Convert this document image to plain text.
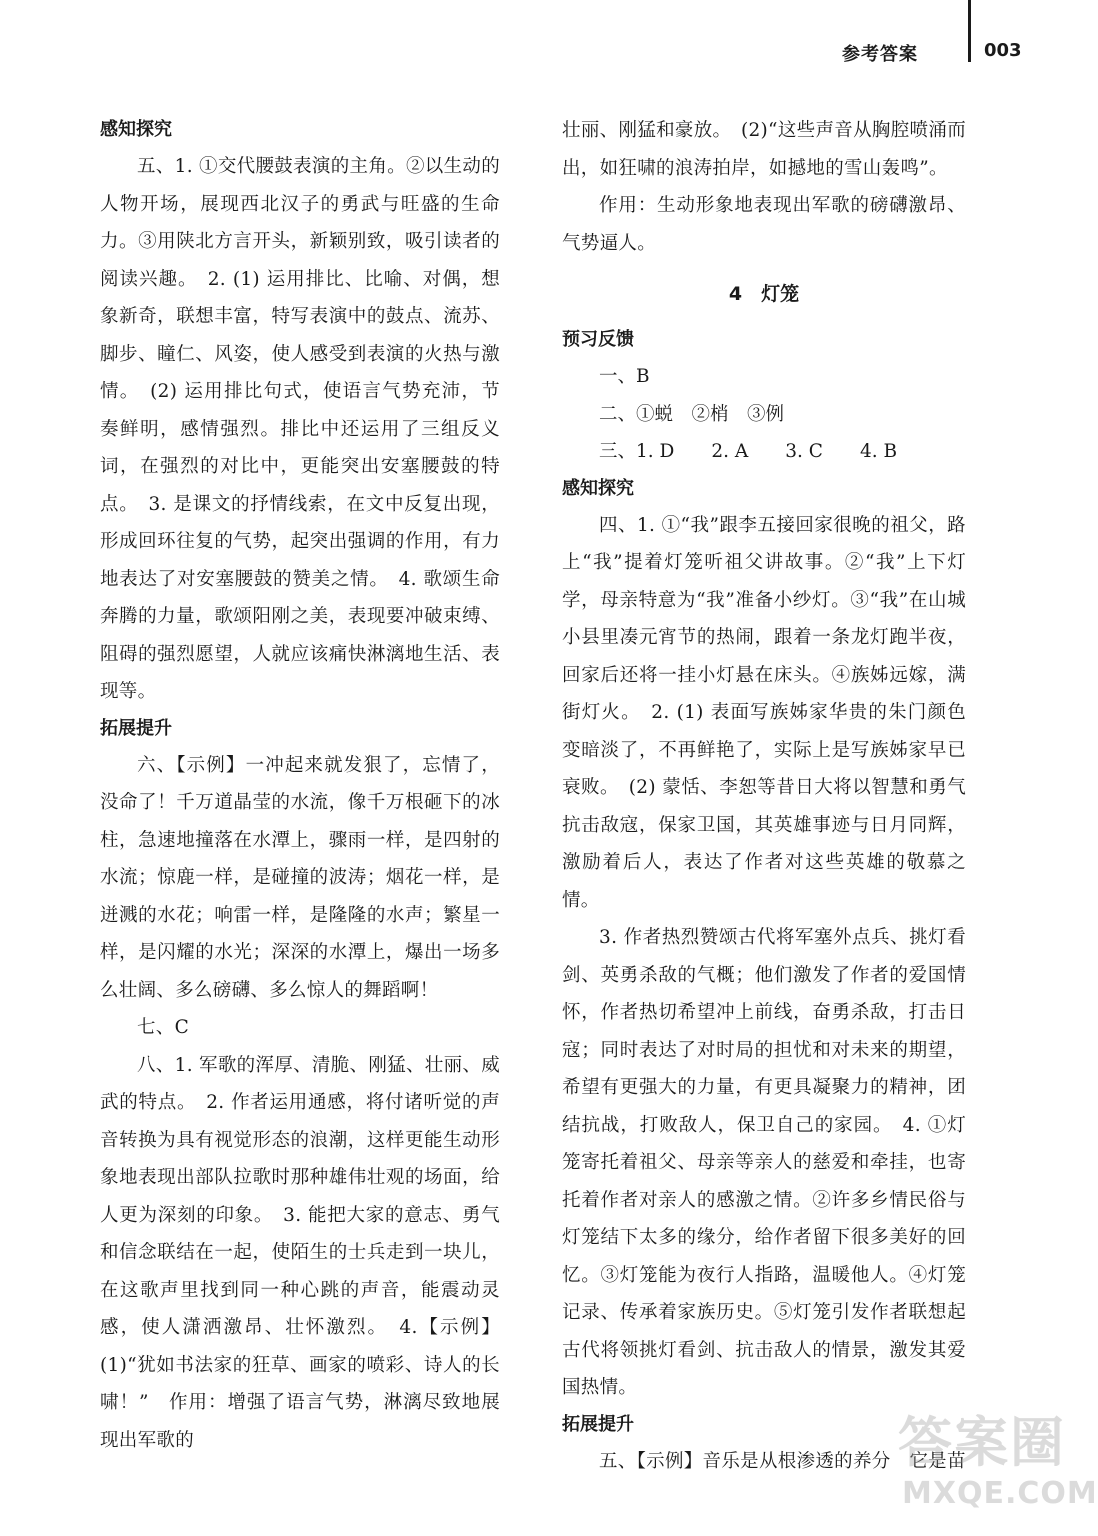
参考答案	003
感知探究

五、1. ①交代腰鼓表演的主角。②以生动的人物开场，展现西北汉子的勇武与旺盛的生命力。③用陕北方言开头，新颖别致，吸引读者的阅读兴趣。　2. (1) 运用排比、比喻、对偶，想象新奇，联想丰富，特写表演中的鼓点、流苏、脚步、瞳仁、风姿，使人感受到表演的火热与激情。　(2) 运用排比句式，使语言气势充沛，节奏鲜明，感情强烈。排比中还运用了三组反义词，在强烈的对比中，更能突出安塞腰鼓的特点。　3. 是课文的抒情线索，在文中反复出现，形成回环往复的气势，起突出强调的作用，有力地表达了对安塞腰鼓的赞美之情。　4. 歌颂生命奔腾的力量，歌颂阳刚之美，表现要冲破束缚、阻碍的强烈愿望，人就应该痛快淋漓地生活、表现等。

拓展提升

六、【示例】一冲起来就发狠了，忘情了，没命了！千万道晶莹的水流，像千万根砸下的冰柱，急速地撞落在水潭上，骤雨一样，是四射的水流；惊鹿一样，是碰撞的波涛；烟花一样，是迸溅的水花；响雷一样，是隆隆的水声；繁星一样，是闪耀的水光；深深的水潭上，爆出一场多么壮阔、多么磅礴、多么惊人的舞蹈啊！

七、C

八、1. 军歌的浑厚、清脆、刚猛、壮丽、威武的特点。　2. 作者运用通感，将付诸听觉的声音转换为具有视觉形态的浪潮，这样更能生动形象地表现出部队拉歌时那种雄伟壮观的场面，给人更为深刻的印象。　3. 能把大家的意志、勇气和信念联结在一起，使陌生的士兵走到一块儿，在这歌声里找到同一种心跳的声音，能震动灵感，使人潇洒激昂、壮怀激烈。　4.【示例】(1)“犹如书法家的狂草、画家的喷彩、诗人的长啸！”　作用：增强了语言气势，淋漓尽致地展现出军歌的

壮丽、刚猛和豪放。　(2)“这些声音从胸腔喷涌而出，如狂啸的浪涛拍岸，如撼地的雪山轰鸣”。

作用：生动形象地表现出军歌的磅礴激昂、气势逼人。

4　灯笼
预习反馈

一、B

二、①蜕　②梢　③例

三、1. D　　2. A　　3. C　　4. B

感知探究

四、1. ①“我”跟李五接回家很晚的祖父，路上“我”提着灯笼听祖父讲故事。②“我”上下灯学，母亲特意为“我”准备小纱灯。③“我”在山城小县里凑元宵节的热闹，跟着一条龙灯跑半夜，回家后还将一挂小灯悬在床头。④族姊远嫁，满街灯火。　2. (1) 表面写族姊家华贵的朱门颜色变暗淡了，不再鲜艳了，实际上是写族姊家早已衰败。　(2) 蒙恬、李恕等昔日大将以智慧和勇气抗击敌寇，保家卫国，其英雄事迹与日月同辉，激励着后人，表达了作者对这些英雄的敬慕之情。

3. 作者热烈赞颂古代将军塞外点兵、挑灯看剑、英勇杀敌的气概；他们激发了作者的爱国情怀，作者热切希望冲上前线，奋勇杀敌，打击日寇；同时表达了对时局的担忧和对未来的期望，希望有更强大的力量，有更具凝聚力的精神，团结抗战，打败敌人，保卫自己的家园。　4. ①灯笼寄托着祖父、母亲等亲人的慈爱和牵挂，也寄托着作者对亲人的感激之情。②许多乡情民俗与灯笼结下太多的缘分，给作者留下很多美好的回忆。③灯笼能为夜行人指路，温暖他人。④灯笼记录、传承着家族历史。⑤灯笼引发作者联想起古代将领挑灯看剑、抗击敌人的情景，激发其爱国热情。

拓展提升

五、【示例】音乐是从根渗透的养分　它是苗

答案圈
MXQE.COM
